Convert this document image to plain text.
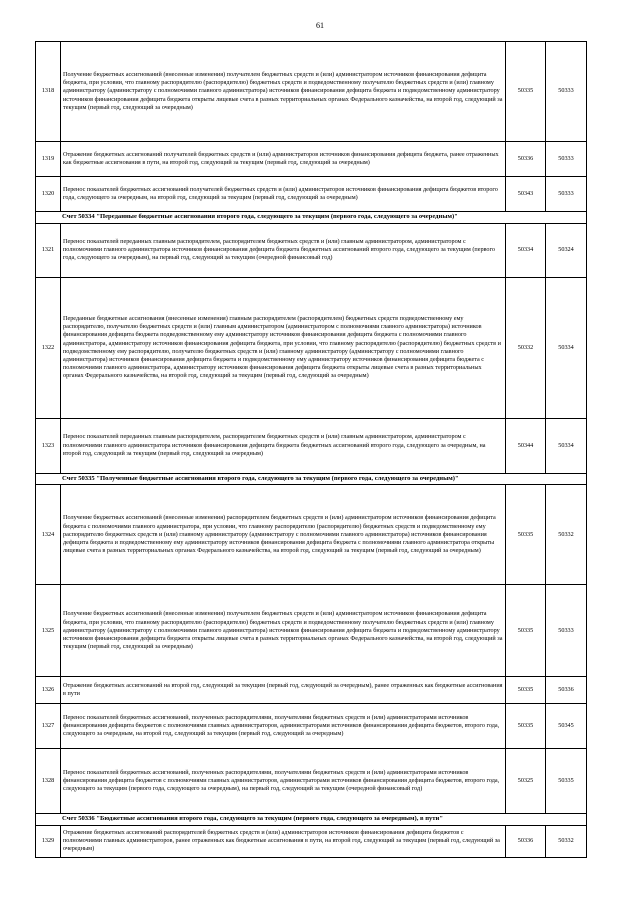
61
1318	Получение бюджетных ассигнований (внесенные изменения) получателем бюджетных средств и (или) администратором источников финансирования дефицита бюджета, при условии, что главному распорядителю (распорядителю) бюджетных средств и подведомственному получателю бюджетных средств и (или) главному администратору (администратору с полномочиями главного администратора) источников финансирования дефицита бюджета и подведомственному администратору источников финансирования дефицита бюджета открыты лицевые счета в разных территориальных органах Федерального казначейства, на второй год, следующий за текущим (первый год, следующий за очередным)	50335	50333
1319	Отражение бюджетных ассигнований получателей бюджетных средств и (или) администраторов источников финансирования дефицита бюджета, ранее отраженных как бюджетные ассигнования в пути, на второй год, следующий за текущим (первый год, следующий за очередным)	50336	50333
1320	Перенос показателей бюджетных ассигнований получателей бюджетных средств и (или) администраторов источников финансирования дефицита бюджетов второго года, следующего за очередным, на второй год, следующий за текущим (первый год, следующий за очередным)	50343	50333
Счет 50334 "Переданные бюджетные ассигнования второго года, следующего за текущим (первого года, следующего за очередным)"			
1321	Перенос показателей переданных главным распорядителем, распорядителем бюджетных средств и (или) главным администратором, администратором с полномочиями главного администратора источников финансирования дефицита бюджета бюджетных ассигнований второго года, следующего за текущим (первого года, следующего за очередным), на первый год, следующий за текущим (очередной финансовый год)	50334	50324
1322	Переданные бюджетные ассигнования (внесенные изменения) главным распорядителем (распорядителем) бюджетных средств подведомственному ему распорядителю, получателю бюджетных средств и (или) главным администратором (администратором с полномочиями главного администратора) источников финансирования дефицита бюджета подведомственному ему администратору источников финансирования дефицита бюджета с полномочиями главного администратора, администратору источников финансирования дефицита бюджета, при условии, что главному распорядителю (распорядителю) бюджетных средств и подведомственному ему распорядителю, получателю бюджетных средств и (или) главному администратору (администратору с полномочиями главного администратора) источников финансирования дефицита бюджета и подведомственному ему администратору источников финансирования дефицита бюджета с полномочиями главного администратора, администратору источников финансирования дефицита бюджета открыты лицевые счета в разных территориальных органах Федерального казначейства, на второй год, следующий за текущим (первый год, следующий за очередным)	50332	50334
1323	Перенос показателей переданных главным распорядителем, распорядителем бюджетных средств и (или) главным администратором, администратором с полномочиями главного администратора источников финансирования дефицита бюджета бюджетных ассигнований второго года, следующего за очередным, на второй год, следующий за текущим (первый год, следующий за очередным)	50344	50334
Счет 50335 "Полученные бюджетные ассигнования второго года, следующего за текущим (первого года, следующего за очередным)"			
1324	Получение бюджетных ассигнований (внесенные изменения) распорядителем бюджетных средств и (или) администратором источников финансирования дефицита бюджета с полномочиями главного администратора, при условии, что главному распорядителю (распорядителю) бюджетных средств и подведомственному ему распорядителю бюджетных средств и (или) главному администратору (администратору с полномочиями главного администратора) источников финансирования дефицита бюджета и подведомственному ему администратору источников финансирования дефицита бюджета с полномочиями главного администратора открыты лицевые счета в разных территориальных органах Федерального казначейства, на второй год, следующий за текущим (первый год, следующий за очередным)	50335	50332
1325	Получение бюджетных ассигнований (внесенные изменения) получателем бюджетных средств и (или) администратором источников финансирования дефицита бюджета, при условии, что главному распорядителю (распорядителю) бюджетных средств и подведомственному получателю бюджетных средств и (или) главному администратору (администратору с полномочиями главного администратора) источников финансирования дефицита бюджета и подведомственному администратору источников финансирования дефицита бюджета открыты лицевые счета в разных территориальных органах Федерального казначейства, на второй год, следующий за текущим (первый год, следующий за очередным)	50335	50333
1326	Отражение бюджетных ассигнований на второй год, следующий за текущим (первый год, следующий за очередным), ранее отраженных как бюджетные ассигнования в пути	50335	50336
1327	Перенос показателей бюджетных ассигнований, полученных распорядителями, получателями бюджетных средств и (или) администраторами источников финансирования дефицита бюджетов с полномочиями главных администраторов, администраторами источников финансирования дефицита бюджетов, второго года, следующего за очередным, на второй год, следующий за текущим (первый год, следующий за очередным)	50335	50345
1328	Перенос показателей бюджетных ассигнований, полученных распорядителями, получателями бюджетных средств и (или) администраторами источников финансирования дефицита бюджетов с полномочиями главных администраторов, администраторами источников финансирования дефицита бюджетов, второго года, следующего за текущим (первого года, следующего за очередным), на первый год, следующий за текущим (очередной финансовый год)	50325	50335
Счет 50336 "Бюджетные ассигнования второго года, следующего за текущим (первого года, следующего за очередным), в пути"			
1329	Отражение бюджетных ассигнований распорядителей бюджетных средств и (или) администраторов источников финансирования дефицита бюджетов с полномочиями главных администраторов, ранее отраженных как бюджетные ассигнования в пути, на второй год, следующий за текущим (первый год, следующий за очередным)	50336	50332
